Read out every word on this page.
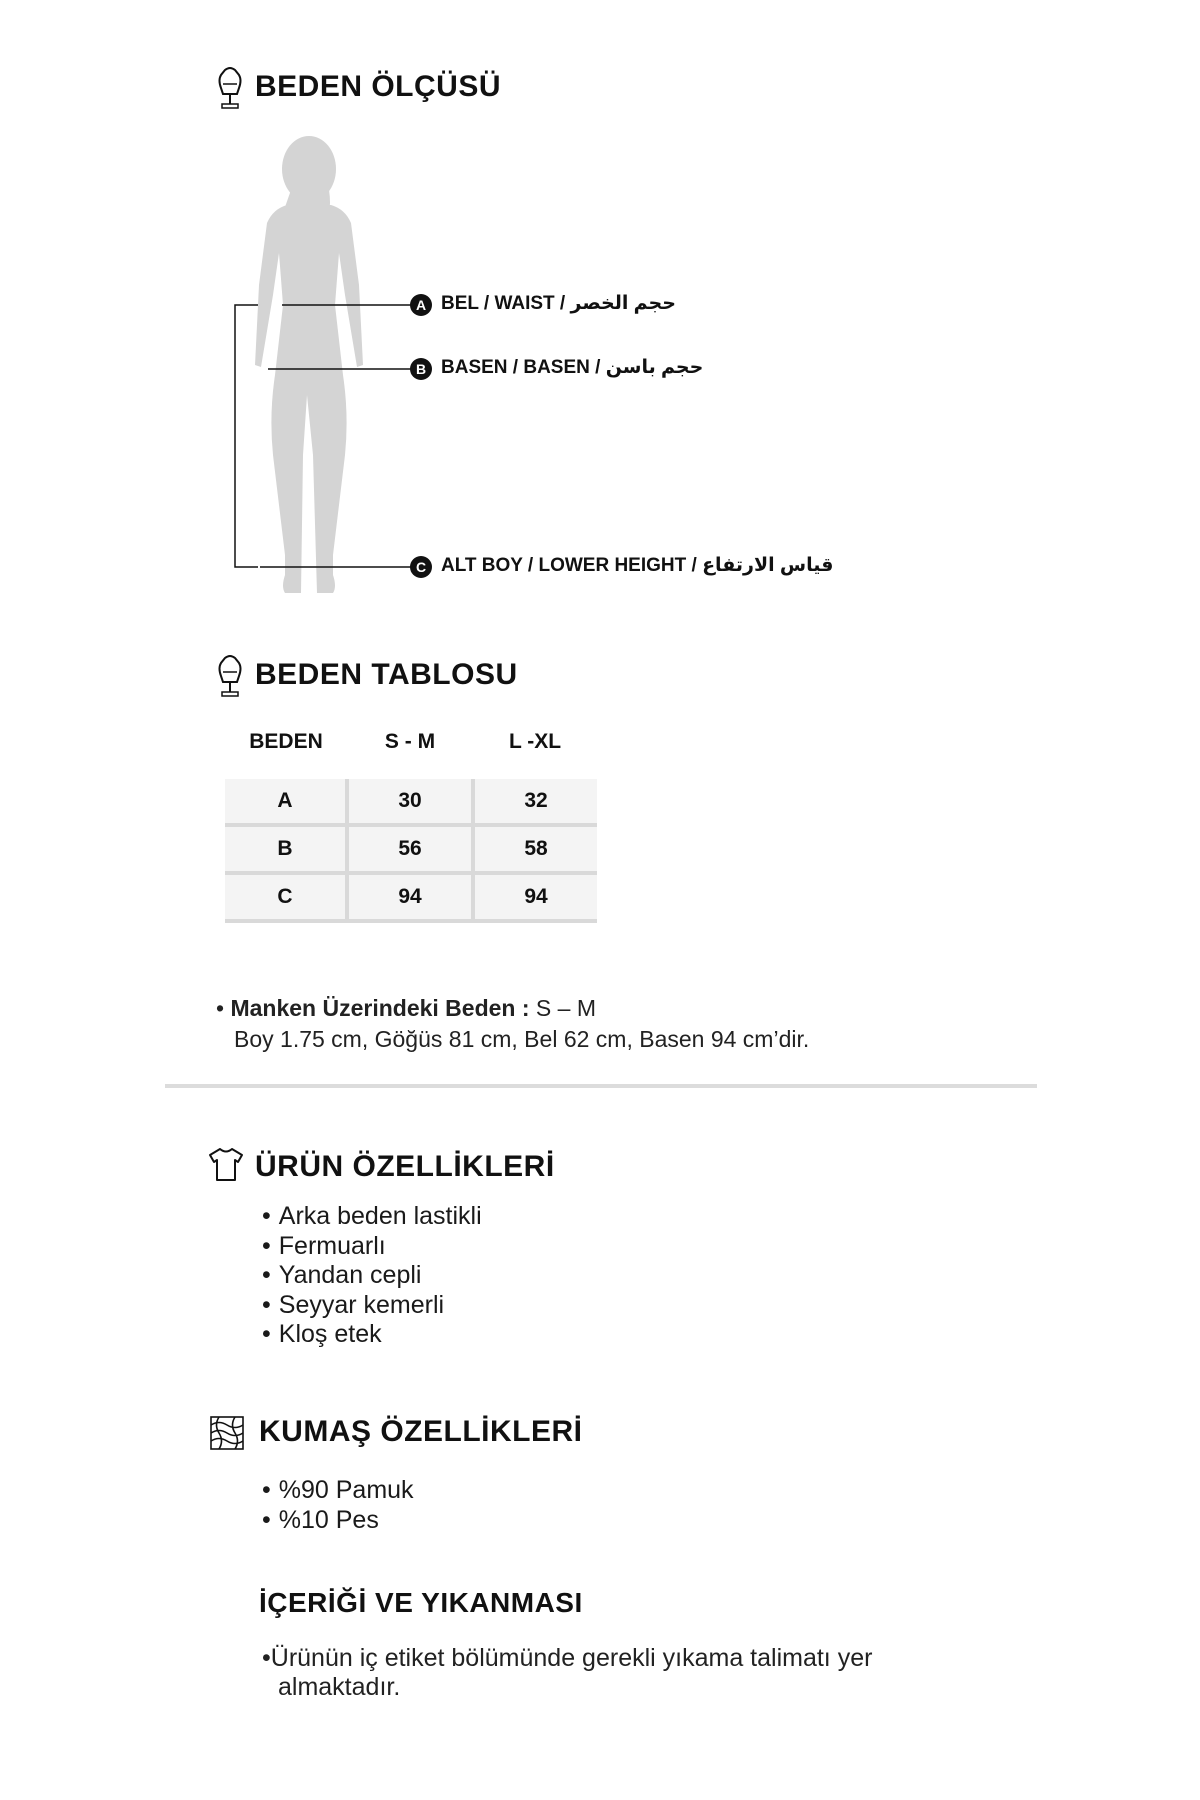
BEDEN ÖLÇÜSÜ
A BEL / WAIST / حجم الخصر
B BASEN / BASEN / حجم باسن
C ALT BOY / LOWER HEIGHT / قياس الارتفاع
BEDEN TABLOSU
BEDEN	S - M	L -XL

A	30	32
B	56	58
C	94	94
• Manken Üzerindeki Beden : S – M
Boy 1.75 cm, Göğüs 81 cm, Bel 62 cm, Basen 94 cm’dir.
ÜRÜN ÖZELLİKLERİ
• Arka beden lastikli
• Fermuarlı
• Yandan cepli
• Seyyar kemerli
• Kloş etek
KUMAŞ ÖZELLİKLERİ
• %90 Pamuk
• %10 Pes
İÇERİĞİ VE YIKANMASI
•Ürünün iç etiket bölümünde gerekli yıkama talimatı yer
almaktadır.
